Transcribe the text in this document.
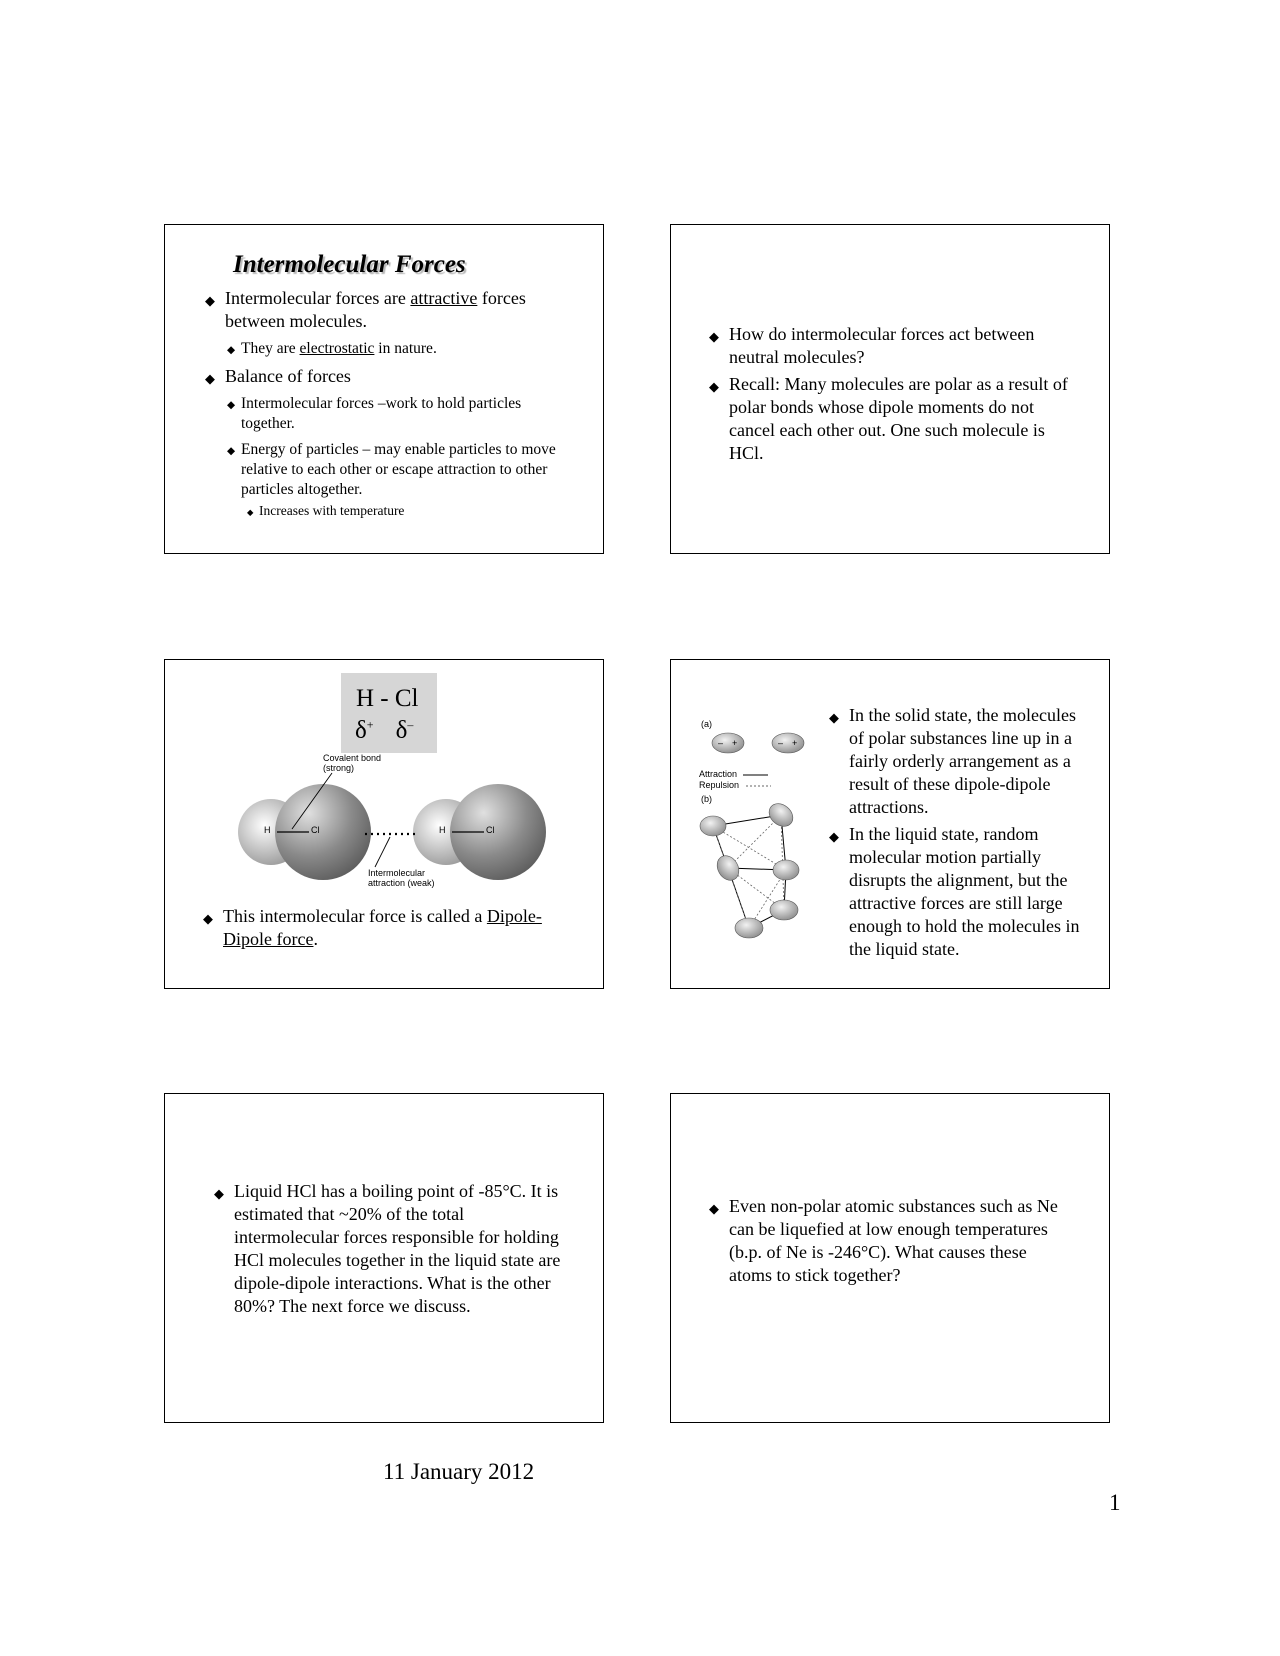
Intermolecular Forces
◆ Intermolecular forces are attractive forces between molecules.
◆ They are electrostatic in nature.
◆ Balance of forces
◆ Intermolecular forces –work to hold particles together.
◆ Energy of particles – may enable particles to move relative to each other or escape attraction to other particles altogether.
◆ Increases with temperature
◆ How do intermolecular forces act between neutral molecules?
◆ Recall: Many molecules are polar as a result of polar bonds whose dipole moments do not cancel each other out. One such molecule is HCl.
H - Cl
δ+ δ–
H	Cl	H	Cl
Covalent bond
(strong)
Intermolecular
attraction (weak)
◆ This intermolecular force is called a Dipole-Dipole force.
– +	– +
(a)
Attraction
Repulsion
(b)
◆ In the solid state, the molecules of polar substances line up in a fairly orderly arrangement as a result of these dipole-dipole attractions.
◆ In the liquid state, random molecular motion partially disrupts the alignment, but the attractive forces are still large enough to hold the molecules in the liquid state.
◆ Liquid HCl has a boiling point of -85°C. It is estimated that ~20% of the total intermolecular forces responsible for holding HCl molecules together in the liquid state are dipole-dipole interactions. What is the other 80%? The next force we discuss.
◆ Even non-polar atomic substances such as Ne can be liquefied at low enough temperatures (b.p. of Ne is -246°C). What causes these atoms to stick together?
11 January 2012
1
